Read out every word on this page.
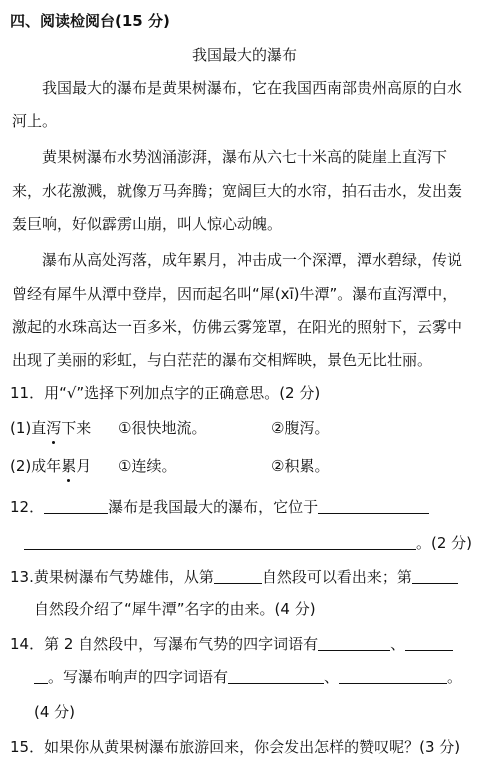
四、阅读检阅台(15 分)
我国最大的瀑布
我国最大的瀑布是黄果树瀑布，它在我国西南部贵州高原的白水
河上。
黄果树瀑布水势汹涌澎湃，瀑布从六七十米高的陡崖上直泻下
来，水花激溅，就像万马奔腾；宽阔巨大的水帘，拍石击水，发出轰
轰巨响，好似霹雳山崩，叫人惊心动魄。
瀑布从高处泻落，成年累月，冲击成一个深潭，潭水碧绿，传说
曾经有犀牛从潭中登岸，因而起名叫“犀(xī)牛潭”。瀑布直泻潭中，
激起的水珠高达一百多米，仿佛云雾笼罩，在阳光的照射下，云雾中
出现了美丽的彩虹，与白茫茫的瀑布交相辉映，景色无比壮丽。
11．用“√”选择下列加点字的正确意思。(2 分)
(1)直泻下来 ①很快地流。	②腹泻。
(2)成年累月 ①连续。	②积累。
12．	瀑布是我国最大的瀑布，它位于
。(2 分)
13.黄果树瀑布气势雄伟，从第	自然段可以看出来；第
自然段介绍了“犀牛潭”名字的由来。(4 分)
14．第 2 自然段中，写瀑布气势的四字词语有	、
。写瀑布响声的四字词语有	、	。
(4 分)
15．如果你从黄果树瀑布旅游回来，你会发出怎样的赞叹呢？(3 分)
